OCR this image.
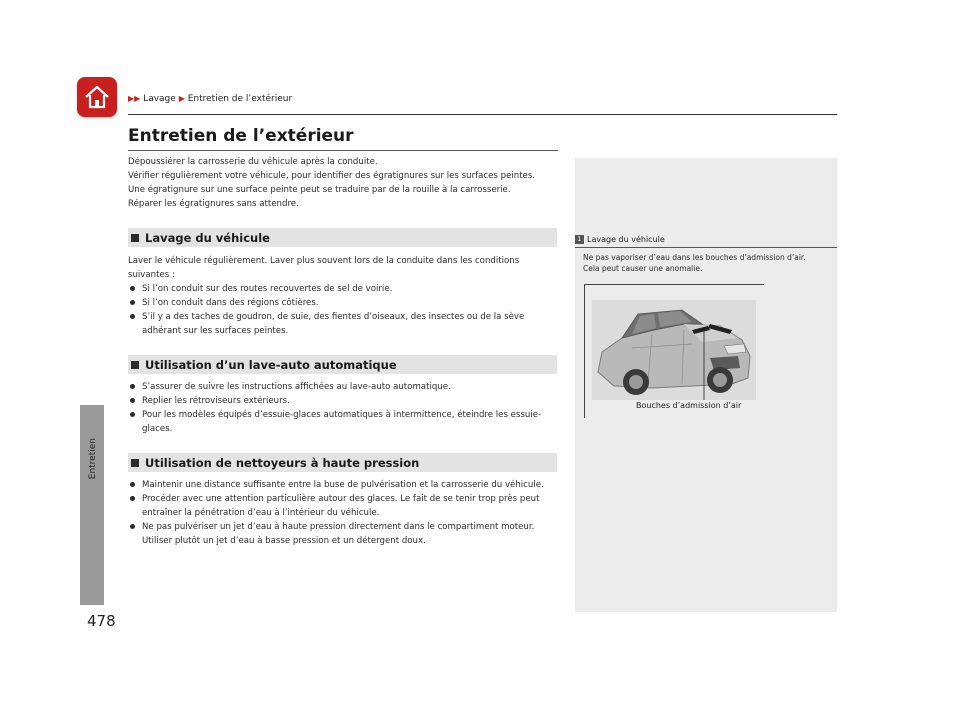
▶▶ Lavage ▶ Entretien de l’extérieur
Entretien
478
Entretien de l’extérieur

Dépoussiérer la carrosserie du véhicule après la conduite.

Vérifier régulièrement votre véhicule, pour identifier des égratignures sur les surfaces peintes.

Une égratignure sur une surface peinte peut se traduire par de la rouille à la carrosserie.

Réparer les égratignures sans attendre.

Lavage du véhicule

Laver le véhicule régulièrement. Laver plus souvent lors de la conduite dans les conditions

suivantes :

Si l’on conduit sur des routes recouvertes de sel de voirie.
Si l’on conduit dans des régions côtières.
S’il y a des taches de goudron, de suie, des fientes d’oiseaux, des insectes ou de la sève
adhérant sur les surfaces peintes.
Utilisation d’un lave-auto automatique
S’assurer de suivre les instructions affichées au lave-auto automatique.
Replier les rétroviseurs extérieurs.
Pour les modèles équipés d’essuie-glaces automatiques à intermittence, éteindre les essuie-
glaces.
Utilisation de nettoyeurs à haute pression
Maintenir une distance suffisante entre la buse de pulvérisation et la carrosserie du véhicule.
Procéder avec une attention particulière autour des glaces. Le fait de se tenir trop près peut
entraîner la pénétration d’eau à l’intérieur du véhicule.
Ne pas pulvériser un jet d’eau à haute pression directement dans le compartiment moteur.
Utiliser plutôt un jet d’eau à basse pression et un détergent doux.
1 Lavage du véhicule

Ne pas vaporiser d’eau dans les bouches d’admission d’air.

Cela peut causer une anomalie.

Bouches d’admission d’air
